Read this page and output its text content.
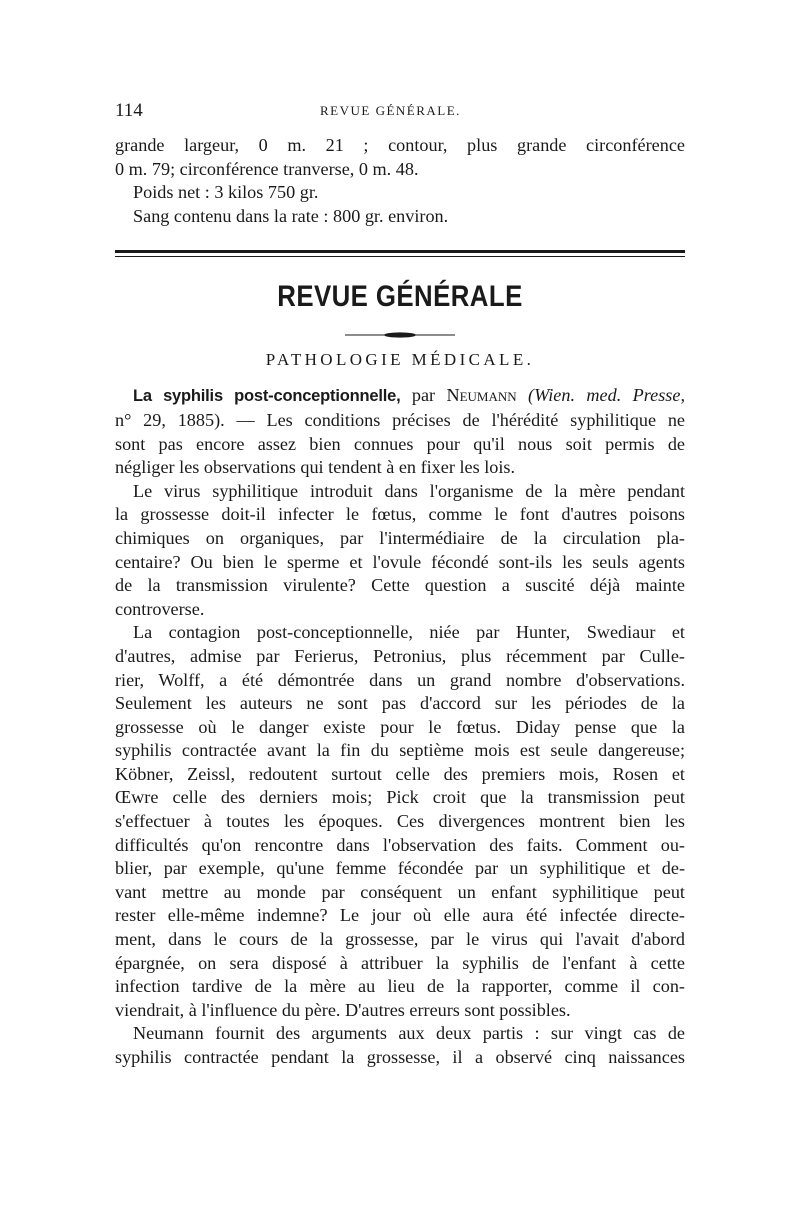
114	REVUE GÉNÉRALE.
grande largeur, 0 m. 21 ; contour, plus grande circonférence
0 m. 79; circonférence tranverse, 0 m. 48.
Poids net : 3 kilos 750 gr.
Sang contenu dans la rate : 800 gr. environ.
REVUE GÉNÉRALE
PATHOLOGIE MÉDICALE.
La syphilis post-conceptionnelle, par Neumann (Wien. med. Presse,
n° 29, 1885). — Les conditions précises de l'hérédité syphilitique ne
sont pas encore assez bien connues pour qu'il nous soit permis de
négliger les observations qui tendent à en fixer les lois.
Le virus syphilitique introduit dans l'organisme de la mère pendant
la grossesse doit-il infecter le fœtus, comme le font d'autres poisons
chimiques on organiques, par l'intermédiaire de la circulation pla-
centaire? Ou bien le sperme et l'ovule fécondé sont-ils les seuls agents
de la transmission virulente? Cette question a suscité déjà mainte
controverse.
La contagion post-conceptionnelle, niée par Hunter, Swediaur et
d'autres, admise par Ferierus, Petronius, plus récemment par Culle-
rier, Wolff, a été démontrée dans un grand nombre d'observations.
Seulement les auteurs ne sont pas d'accord sur les périodes de la
grossesse où le danger existe pour le fœtus. Diday pense que la
syphilis contractée avant la fin du septième mois est seule dangereuse;
Köbner, Zeissl, redoutent surtout celle des premiers mois, Rosen et
Œwre celle des derniers mois; Pick croit que la transmission peut
s'effectuer à toutes les époques. Ces divergences montrent bien les
difficultés qu'on rencontre dans l'observation des faits. Comment ou-
blier, par exemple, qu'une femme fécondée par un syphilitique et de-
vant mettre au monde par conséquent un enfant syphilitique peut
rester elle-même indemne? Le jour où elle aura été infectée directe-
ment, dans le cours de la grossesse, par le virus qui l'avait d'abord
épargnée, on sera disposé à attribuer la syphilis de l'enfant à cette
infection tardive de la mère au lieu de la rapporter, comme il con-
viendrait, à l'influence du père. D'autres erreurs sont possibles.
Neumann fournit des arguments aux deux partis : sur vingt cas de
syphilis contractée pendant la grossesse, il a observé cinq naissances
